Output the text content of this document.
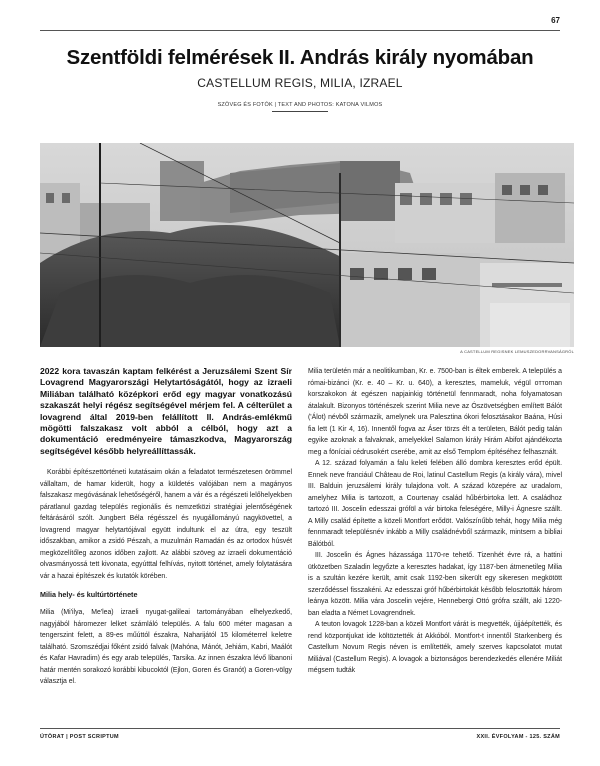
67
Szentföldi felmérések II. András király nyomában
CASTELLUM REGIS, MILIA, IZRAEL
SZÖVEG ÉS FOTÓK | TEXT AND PHOTOS: KATONA VILMOS
A CASTELLUM REGISNEK LEMUSZEDORRVANSÁGRÓL

2022 kora tavaszán kaptam felkérést a Jeruzsálemi Szent Sír Lovagrend Magyarországi Helytartóságától, hogy az izraeli Miliában található középkori erőd egy magyar vonatkozású szakaszát helyi régész segítségével mérjem fel. A célterület a lovagrend által 2019-ben felállított II. András-emlékmű mögötti falszakasz volt abból a célból, hogy azt a dokumentáció eredményeire támaszkodva, Magyarország segítségével később helyreállíttassák.

Korábbi építészettörténeti kutatásaim okán a feladatot természetesen örömmel vállaltam, de hamar kiderült, hogy a küldetés valójában nem a magányos falszakasz megóvásának lehetőségéről, hanem a vár és a régészeti lelőhelyekben páratlanul gazdag település regionális és nemzetközi stratégiai jelentőségének feltárásáról szólt. Jungbert Béla régésszel és nyugállományú nagykövettel, a lovagrend magyar helytartójával együtt indultunk el az útra, egy teszült időszakban, amikor a zsidó Pészah, a muzulmán Ramadán és az ortodox húsvét megközelítőleg azonos időben zajlott. Az alábbi szöveg az izraeli dokumentáció olvasmányossá tett kivonata, egyútttal felhívás, nyitott történet, amely folytatására vár a hazai építészek és kutatók körében.

Milia hely- és kultúrtörténete

Milia (Mi'ilya, Me'lea) izraeli nyugat-galileai tartományában elhelyezkedő, nagyjából háromezer lelket számláló település. A falu 600 méter magasan a tengerszint felett, a 89-es műúttól északra, Naharijától 15 kilométerrel keletre található. Szomszédjai főként zsidó falvak (Mahóna, Mánót, Jehiám, Kabri, Maálót és Kafar Havradim) és egy arab település, Tarsika. Az innen északra lévő libanoni határ mentén sorakozó korábbi kibucoktól (Ejlon, Goren és Granót) a Goren-völgy választja el.

Milia területén már a neolitikumban, Kr. e. 7500-ban is éltek emberek. A település a római-bizánci (Kr. e. 40 – Kr. u. 640), a keresztes, mameluk, végül oттoman korszakokon át egészen napjainkig történetül fennmaradt, noha folyamatosan átalakult. Bizonyos történészek szerint Milia neve az Ószövetségben említett Bálót ('Álot) névből származik, amelynek ura Palesztina ókori felosztásakor Baána, Húsi fia lett (1 Kir 4, 16). Innentől fogva az Áser törzs élt a területen, Bálót pedig talán egyike azoknak a falvaknak, amelyekkel Salamon király Hirám Abifot ajándékozta meg a föníciai cédrusokért cserébe, amit az első Templom építéséhez felhasznált.

A 12. század folyamán a falu keleti felében álló dombra keresztes erőd épült. Ennek neve franciául Château de Roi, latinul Castellum Regis (a király vára), mivel III. Balduin jeruzsálemi király tulajdona volt. A század közepére az uradalom, amelyhez Milia is tartozott, a Courtenay család hűbérbirtoka lett. A családhoz tartozó III. Joscelin edesszai gróföl a vár birtoka feleségére, Milly-i Ágnesre szállt. A Milly család építette a közeli Montfort erődöt. Valószínűbb tehát, hogy Milia még fennmaradt településnév inkább a Milly családnévből származik, mintsem a bibliai Bálótból.

III. Joscelin és Ágnes házassága 1170-re tehető. Tizenhét évre rá, a hattini ütközetben Szaladin legyőzte a keresztes hadakat, így 1187-ben átmenetileg Milia is a szultán kezére került, amit csak 1192-ben sikerült egy sikeresen megkötött szerződéssel fisszakéni. Az edesszai gróf hűbérbirtokát később felosztották három leánya között. Milia vára Joscelin vejére, Hennebergi Ottó grófra szállt, aki 1220-ban eladta a Német Lovagrendnek.

A teuton lovagok 1228-ban a közeli Montfort várát is megvették, újjáépítették, és rend központjukat ide költöztették át Akkóból. Montfort-t innentől Starkenberg és Castellum Novum Regis néven is említették, amely szerves kapcsolatot mutat Miliával (Castellum Regis). A lovagok a biztonságos berendezkedés ellenére Miliát mégsem tudták

ÚTÖRAT | POST SCRIPTUM	XXII. ÉVFOLYAM - 125. SZÁM
